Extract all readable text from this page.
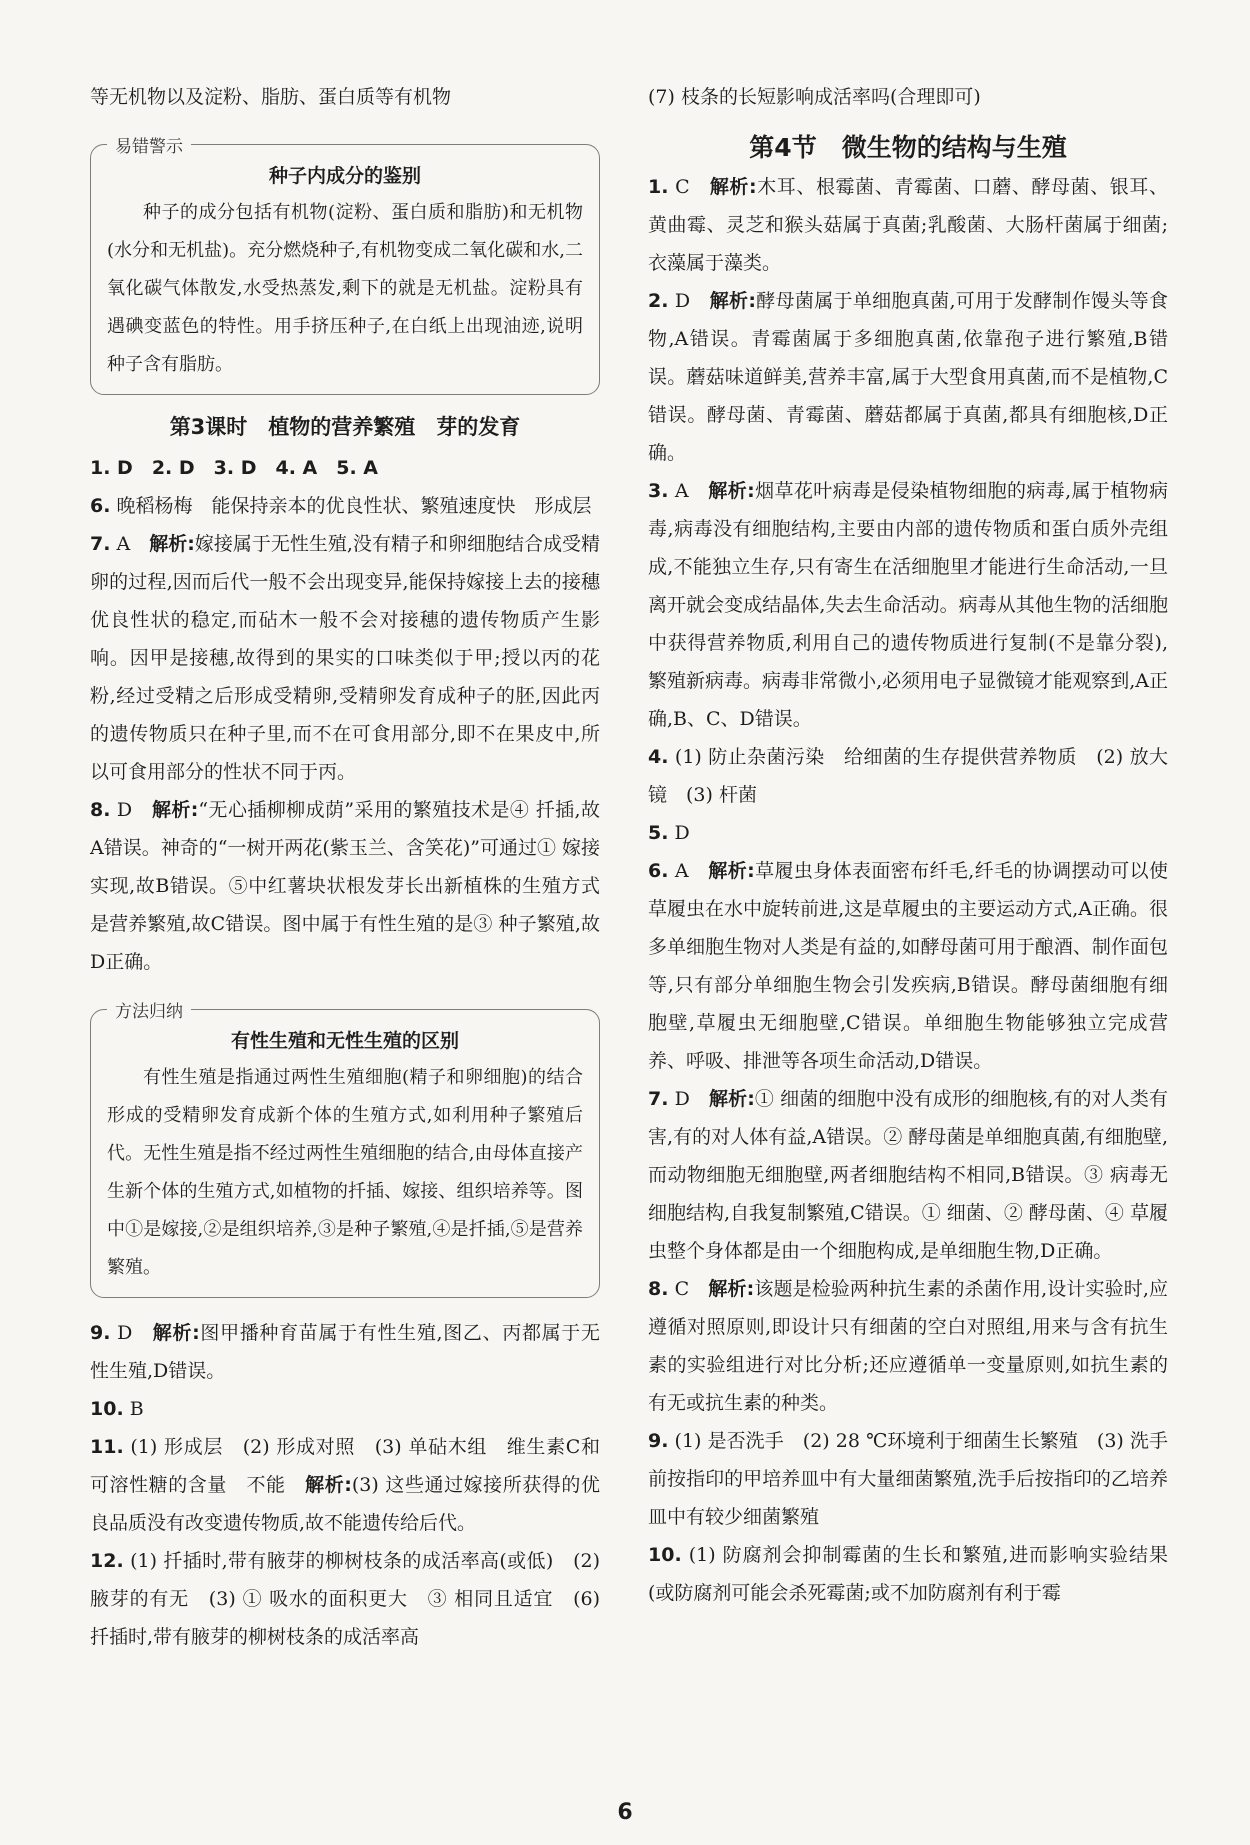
等无机物以及淀粉、脂肪、蛋白质等有机物

易错警示
种子内成分的鉴别

种子的成分包括有机物(淀粉、蛋白质和脂肪)和无机物(水分和无机盐)。充分燃烧种子,有机物变成二氧化碳和水,二氧化碳气体散发,水受热蒸发,剩下的就是无机盐。淀粉具有遇碘变蓝色的特性。用手挤压种子,在白纸上出现油迹,说明种子含有脂肪。

第3课时　植物的营养繁殖　芽的发育

1. D　2. D　3. D　4. A　5. A

6. 晚稻杨梅　能保持亲本的优良性状、繁殖速度快　形成层

7. A　 解析:嫁接属于无性生殖,没有精子和卵细胞结合成受精卵的过程,因而后代一般不会出现变异,能保持嫁接上去的接穗优良性状的稳定,而砧木一般不会对接穗的遗传物质产生影响。因甲是接穗,故得到的果实的口味类似于甲;授以丙的花粉,经过受精之后形成受精卵,受精卵发育成种子的胚,因此丙的遗传物质只在种子里,而不在可食用部分,即不在果皮中,所以可食用部分的性状不同于丙。

8. D　 解析:“无心插柳柳成荫”采用的繁殖技术是④ 扦插,故A错误。神奇的“一树开两花(紫玉兰、含笑花)”可通过① 嫁接实现,故B错误。⑤中红薯块状根发芽长出新植株的生殖方式是营养繁殖,故C错误。图中属于有性生殖的是③ 种子繁殖,故D正确。

方法归纳
有性生殖和无性生殖的区别

有性生殖是指通过两性生殖细胞(精子和卵细胞)的结合形成的受精卵发育成新个体的生殖方式,如利用种子繁殖后代。无性生殖是指不经过两性生殖细胞的结合,由母体直接产生新个体的生殖方式,如植物的扦插、嫁接、组织培养等。图中①是嫁接,②是组织培养,③是种子繁殖,④是扦插,⑤是营养繁殖。

9. D　 解析:图甲播种育苗属于有性生殖,图乙、丙都属于无性生殖,D错误。

10. B

11. (1) 形成层　(2) 形成对照　(3) 单砧木组　维生素C和可溶性糖的含量　不能　解析:(3) 这些通过嫁接所获得的优良品质没有改变遗传物质,故不能遗传给后代。

12. (1) 扦插时,带有腋芽的柳树枝条的成活率高(或低)　(2) 腋芽的有无　(3) ① 吸水的面积更大　③ 相同且适宜　(6) 扦插时,带有腋芽的柳树枝条的成活率高

(7) 枝条的长短影响成活率吗(合理即可)

第4节　微生物的结构与生殖

1. C　 解析:木耳、根霉菌、青霉菌、口蘑、酵母菌、银耳、黄曲霉、灵芝和猴头菇属于真菌;乳酸菌、大肠杆菌属于细菌;衣藻属于藻类。

2. D　 解析:酵母菌属于单细胞真菌,可用于发酵制作馒头等食物,A错误。青霉菌属于多细胞真菌,依靠孢子进行繁殖,B错误。蘑菇味道鲜美,营养丰富,属于大型食用真菌,而不是植物,C错误。酵母菌、青霉菌、蘑菇都属于真菌,都具有细胞核,D正确。

3. A　 解析:烟草花叶病毒是侵染植物细胞的病毒,属于植物病毒,病毒没有细胞结构,主要由内部的遗传物质和蛋白质外壳组成,不能独立生存,只有寄生在活细胞里才能进行生命活动,一旦离开就会变成结晶体,失去生命活动。病毒从其他生物的活细胞中获得营养物质,利用自己的遗传物质进行复制(不是靠分裂),繁殖新病毒。病毒非常微小,必须用电子显微镜才能观察到,A正确,B、C、D错误。

4. (1) 防止杂菌污染　给细菌的生存提供营养物质　(2) 放大镜　(3) 杆菌

5. D

6. A　 解析:草履虫身体表面密布纤毛,纤毛的协调摆动可以使草履虫在水中旋转前进,这是草履虫的主要运动方式,A正确。很多单细胞生物对人类是有益的,如酵母菌可用于酿酒、制作面包等,只有部分单细胞生物会引发疾病,B错误。酵母菌细胞有细胞壁,草履虫无细胞壁,C错误。单细胞生物能够独立完成营养、呼吸、排泄等各项生命活动,D错误。

7. D　 解析:① 细菌的细胞中没有成形的细胞核,有的对人类有害,有的对人体有益,A错误。② 酵母菌是单细胞真菌,有细胞壁,而动物细胞无细胞壁,两者细胞结构不相同,B错误。③ 病毒无细胞结构,自我复制繁殖,C错误。① 细菌、② 酵母菌、④ 草履虫整个身体都是由一个细胞构成,是单细胞生物,D正确。

8. C　 解析:该题是检验两种抗生素的杀菌作用,设计实验时,应遵循对照原则,即设计只有细菌的空白对照组,用来与含有抗生素的实验组进行对比分析;还应遵循单一变量原则,如抗生素的有无或抗生素的种类。

9. (1) 是否洗手　(2) 28 ℃环境利于细菌生长繁殖　(3) 洗手前按指印的甲培养皿中有大量细菌繁殖,洗手后按指印的乙培养皿中有较少细菌繁殖

10. (1) 防腐剂会抑制霉菌的生长和繁殖,进而影响实验结果(或防腐剂可能会杀死霉菌;或不加防腐剂有利于霉

6
